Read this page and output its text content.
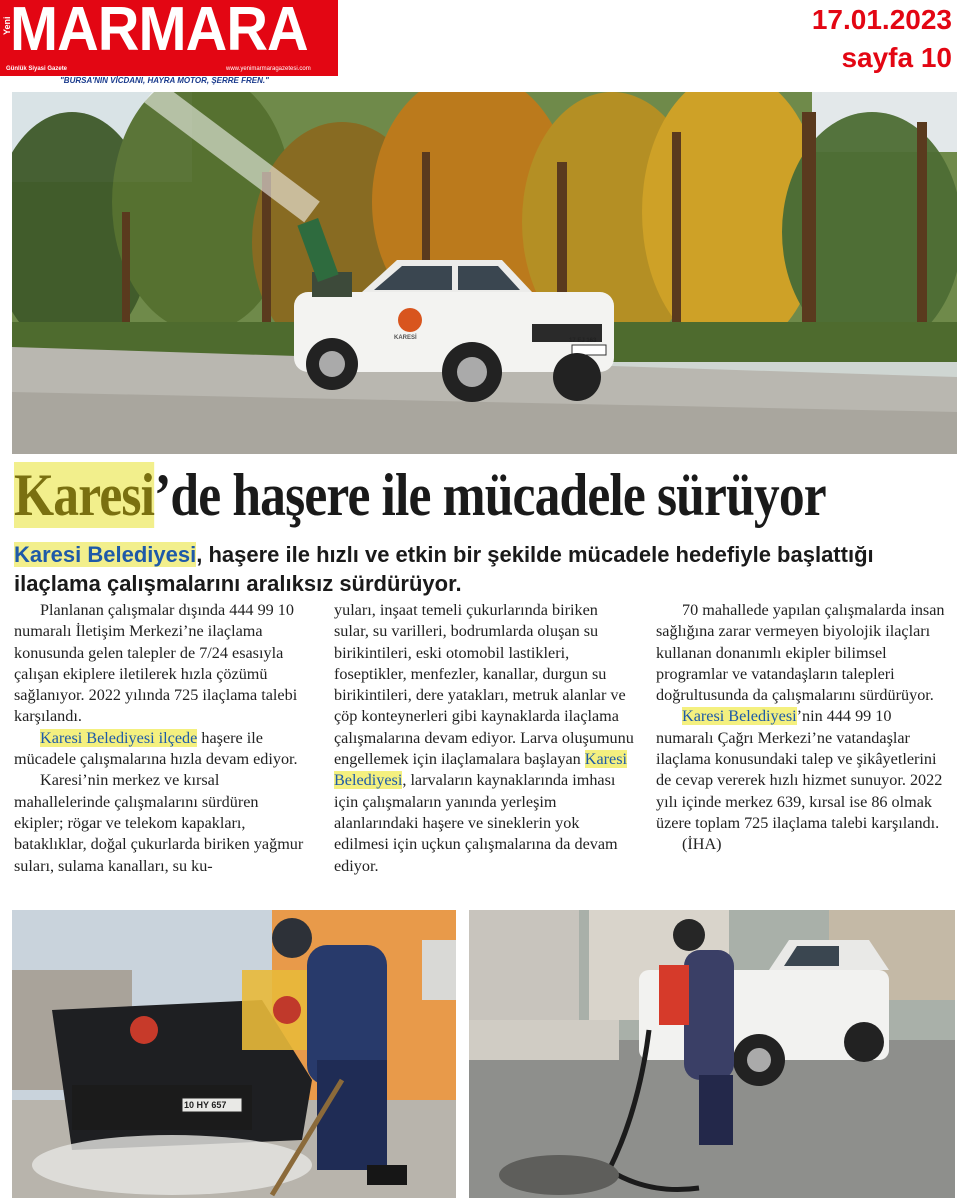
Yeni
MARMARA
Günlük Siyasi Gazete	www.yenimarmaragazetesi.com
"BURSA'NIN VİCDANI, HAYRA MOTOR, ŞERRE FREN."
17.01.2023
sayfa 10
17 EJ 163
KARESİ
Karesi’de haşere ile mücadele sürüyor
Karesi Belediyesi, haşere ile hızlı ve etkin bir şekilde mücadele hedefiyle başlattığı ilaçlama çalışmalarını aralıksız sürdürüyor.

Planlanan çalışmalar dışında 444 99 10 numaralı İletişim Merkezi’ne ilaçlama konusunda gelen talepler de 7/24 esasıyla çalışan ekiplere iletilerek hızla çözümü sağlanıyor. 2022 yılında 725 ilaçlama talebi karşılandı.

Karesi Belediyesi ilçede haşere ile mücadele çalışmalarına hızla devam ediyor.

Karesi’nin merkez ve kırsal mahallelerinde çalışmalarını sürdüren ekipler; rögar ve telekom kapakları, bataklıklar, doğal çukurlarda biriken yağmur suları, sulama kanalları, su ku-

yuları, inşaat temeli çukurlarında biriken sular, su varilleri, bodrumlarda oluşan su birikintileri, eski otomobil lastikleri, foseptikler, menfezler, kanallar, durgun su birikintileri, dere yatakları, metruk alanlar ve çöp konteynerleri gibi kaynaklarda ilaçlama çalışmalarına devam ediyor. Larva oluşumunu engellemek için ilaçlamalara başlayan Karesi Belediyesi, larvaların kaynaklarında imhası için çalışmaların yanında yerleşim alanlarındaki haşere ve sineklerin yok edilmesi için uçkun çalışmalarına da devam ediyor.

70 mahallede yapılan çalışmalarda insan sağlığına zarar vermeyen biyolojik ilaçları kullanan donanımlı ekipler bilimsel programlar ve vatandaşların talepleri doğrultusunda da çalışmalarını sürdürüyor.

Karesi Belediyesi’nin 444 99 10 numaralı Çağrı Merkezi’ne vatandaşlar ilaçlama konusundaki talep ve şikâyetlerini de cevap vererek hızlı hizmet sunuyor. 2022 yılı içinde merkez 639, kırsal ise 86 olmak üzere toplam 725 ilaçlama talebi karşılandı.

(İHA)

10 HY 657
